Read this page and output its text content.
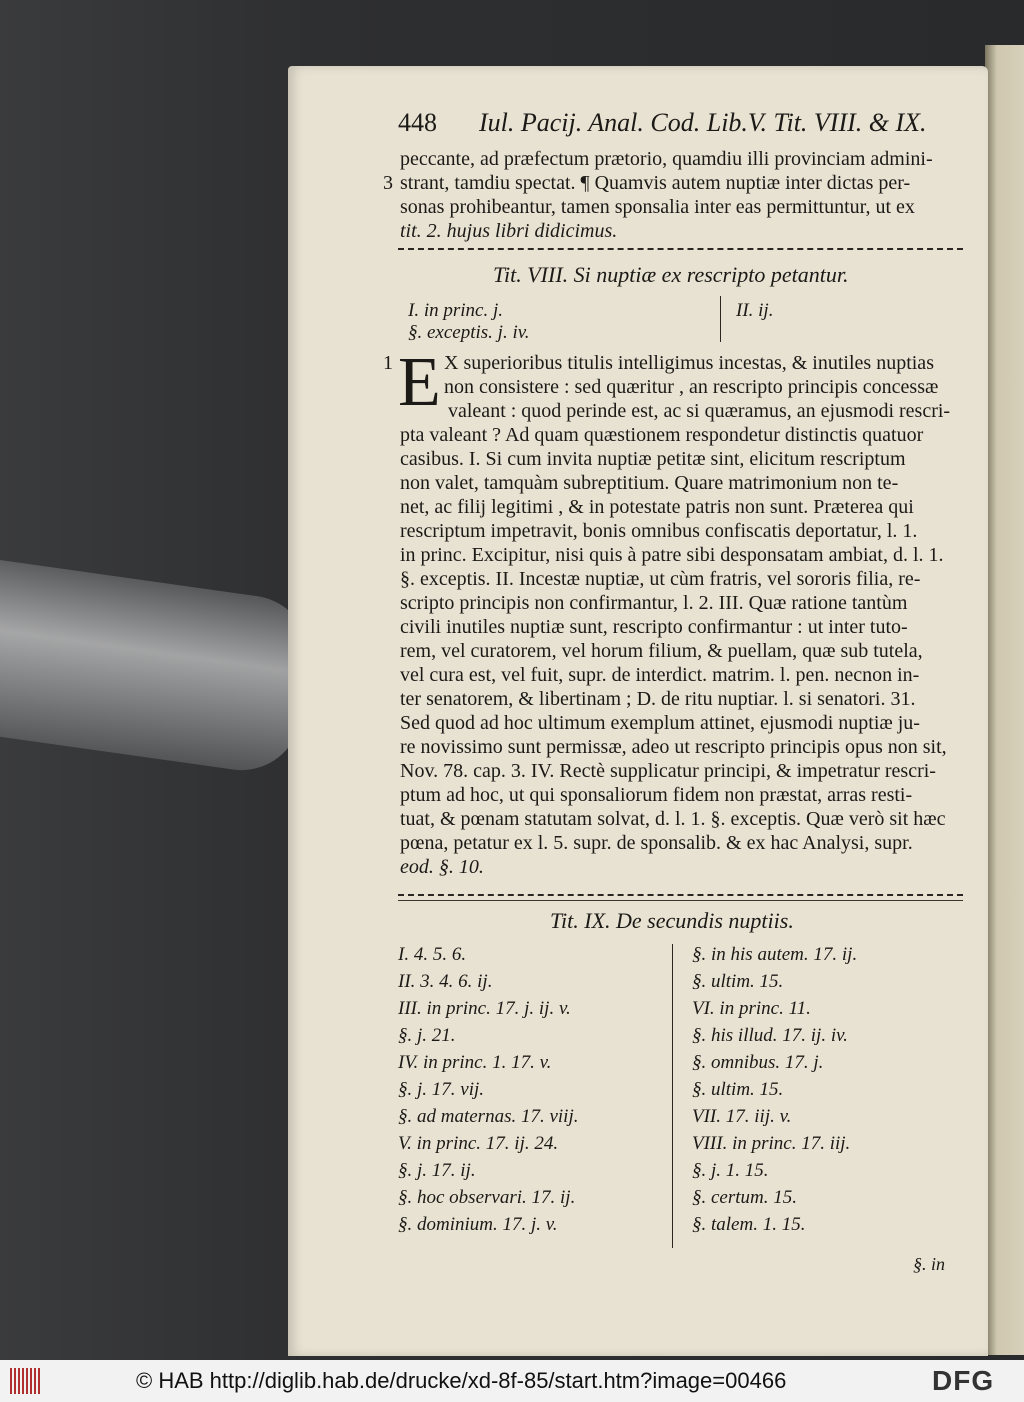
448 Iul. Pacij. Anal. Cod. Lib.V. Tit. VIII. & IX.
peccante, ad præfectum prætorio, quamdiu illi provinciam admini-
3 strant, tamdiu spectat. ¶ Quamvis autem nuptiæ inter dictas per-
sonas prohibeantur, tamen sponsalia inter eas permittuntur, ut ex
tit. 2. hujus libri didicimus.
Tit. VIII. Si nuptiæ ex rescripto petantur.
I. in princ. j.
§. exceptis. j. iv.
II. ij.
1 E X superioribus titulis intelligimus incestas, & inutiles nuptias
non consistere : sed quæritur , an rescripto principis concessæ
valeant : quod perinde est, ac si quæramus, an ejusmodi rescri-
pta valeant ? Ad quam quæstionem respondetur distinctis quatuor
casibus. I. Si cum invita nuptiæ petitæ sint, elicitum rescriptum
non valet, tamquàm subreptitium. Quare matrimonium non te-
net, ac filij legitimi , & in potestate patris non sunt. Præterea qui
rescriptum impetravit, bonis omnibus confiscatis deportatur, l. 1.
in princ. Excipitur, nisi quis à patre sibi desponsatam ambiat, d. l. 1.
§. exceptis. II. Incestæ nuptiæ, ut cùm fratris, vel sororis filia, re-
scripto principis non confirmantur, l. 2. III. Quæ ratione tantùm
civili inutiles nuptiæ sunt, rescripto confirmantur : ut inter tuto-
rem, vel curatorem, vel horum filium, & puellam, quæ sub tutela,
vel cura est, vel fuit, supr. de interdict. matrim. l. pen. necnon in-
ter senatorem, & libertinam ; D. de ritu nuptiar. l. si senatori. 31.
Sed quod ad hoc ultimum exemplum attinet, ejusmodi nuptiæ ju-
re novissimo sunt permissæ, adeo ut rescripto principis opus non sit,
Nov. 78. cap. 3. IV. Rectè supplicatur principi, & impetratur rescri-
ptum ad hoc, ut qui sponsaliorum fidem non præstat, arras resti-
tuat, & pœnam statutam solvat, d. l. 1. §. exceptis. Quæ verò sit hæc
pœna, petatur ex l. 5. supr. de sponsalib. & ex hac Analysi, supr.
eod. §. 10.
Tit. IX. De secundis nuptiis.
I. 4. 5. 6.
II. 3. 4. 6. ij.
III. in princ. 17. j. ij. v.
§. j. 21.
IV. in princ. 1. 17. v.
§. j. 17. vij.
§. ad maternas. 17. viij.
V. in princ. 17. ij. 24.
§. j. 17. ij.
§. hoc observari. 17. ij.
§. dominium. 17. j. v.
§. in his autem. 17. ij.
§. ultim. 15.
VI. in princ. 11.
§. his illud. 17. ij. iv.
§. omnibus. 17. j.
§. ultim. 15.
VII. 17. iij. v.
VIII. in princ. 17. iij.
§. j. 1. 15.
§. certum. 15.
§. talem. 1. 15.
§. in
© HAB http://diglib.hab.de/drucke/xd-8f-85/start.htm?image=00466	DFG
